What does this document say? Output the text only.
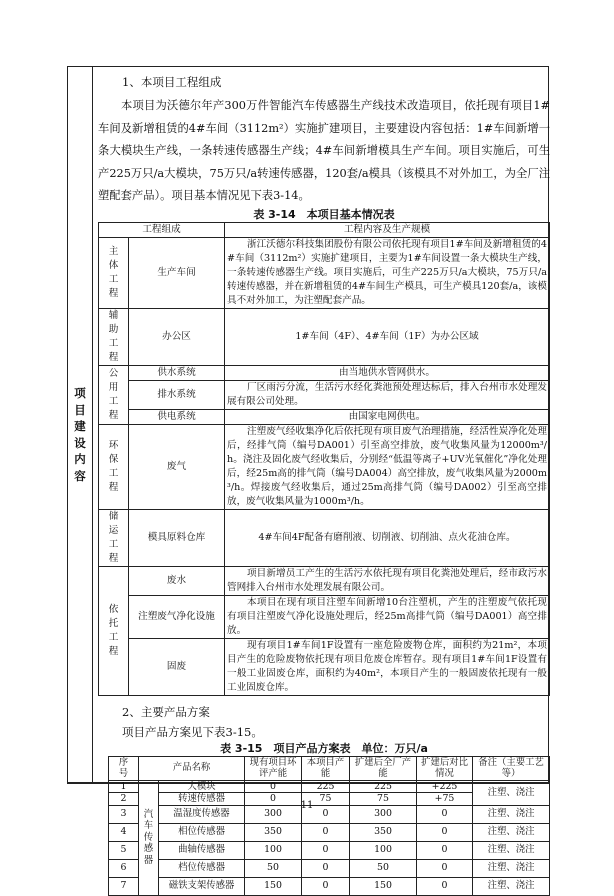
项目建设内容
1、本项目工程组成
本项目为沃德尔年产300万件智能汽车传感器生产线技术改造项目，依托现有项目1#车间及新增租赁的4#车间（3112m²）实施扩建项目，主要建设内容包括：1#车间新增一条大模块生产线，一条转速传感器生产线；4#车间新增模具生产车间。项目实施后，可生产225万只/a大模块，75万只/a转速传感器，120套/a模具（该模具不对外加工，为全厂注塑配套产品）。项目基本情况见下表3-14。
表 3-14　本项目基本情况表
工程组成		工程内容及生产规模
主体工程	生产车间	浙江沃德尔科技集团股份有限公司依托现有项目1#车间及新增租赁的4#车间（3112m²）实施扩建项目，主要为1#车间设置一条大模块生产线，一条转速传感器生产线。项目实施后，可生产225万只/a大模块，75万只/a转速传感器，并在新增租赁的4#车间生产模具，可生产模具120套/a，该模具不对外加工，为注塑配套产品。
辅助工程	办公区	1#车间（4F）、4#车间（1F）为办公区域
公用工程	供水系统	由当地供水管网供水。
	排水系统	厂区雨污分流，生活污水经化粪池预处理达标后，排入台州市水处理发展有限公司处理。
	供电系统	由国家电网供电。
环保工程	废气	注塑废气经收集净化后依托现有项目废气治理措施，经活性炭净化处理后，经排气筒（编号DA001）引至高空排放，废气收集风量为12000m³/h。浇注及固化废气经收集后，分别经“低温等离子+UV光氧催化”净化处理后，经25m高的排气筒（编号DA004）高空排放，废气收集风量为2000m³/h。焊接废气经收集后，通过25m高排气筒（编号DA002）引至高空排放，废气收集风量为1000m³/h。
储运工程	模具原料仓库	4#车间4F配备有磨削液、切削液、切削油、点火花油仓库。
依托工程	废水	项目新增员工产生的生活污水依托现有项目化粪池处理后，经市政污水管网排入台州市水处理发展有限公司。
	注塑废气净化设施	本项目在现有项目注塑车间新增10台注塑机，产生的注塑废气依托现有项目注塑废气净化设施处理后，经25m高排气筒（编号DA001）高空排放。
	固废	现有项目1#车间1F设置有一座危险废物仓库，面积约为21m²，本项目产生的危险废物依托现有项目危废仓库暂存。现有项目1#车间1F设置有一般工业固废仓库，面积约为40m²，本项目产生的一般固废依托现有一般工业固废仓库。
2、主要产品方案
项目产品方案见下表3-15。
表 3-15　项目产品方案表　单位：万只/a
序号	产品名称		现有项目环评产能	本项目产能	扩建后全厂产能	扩建后对比情况	备注（主要工艺等）
1	汽车传感器	大模块	0	225	225	+225	注塑、浇注
2		转速传感器	0	75	75	+75	
3		温湿度传感器	300	0	300	0	注塑、浇注
4		相位传感器	350	0	350	0	注塑、浇注
5		曲轴传感器	100	0	100	0	注塑、浇注
6		档位传感器	50	0	50	0	注塑、浇注
7		磁铁支架传感器	150	0	150	0	注塑、浇注
11
